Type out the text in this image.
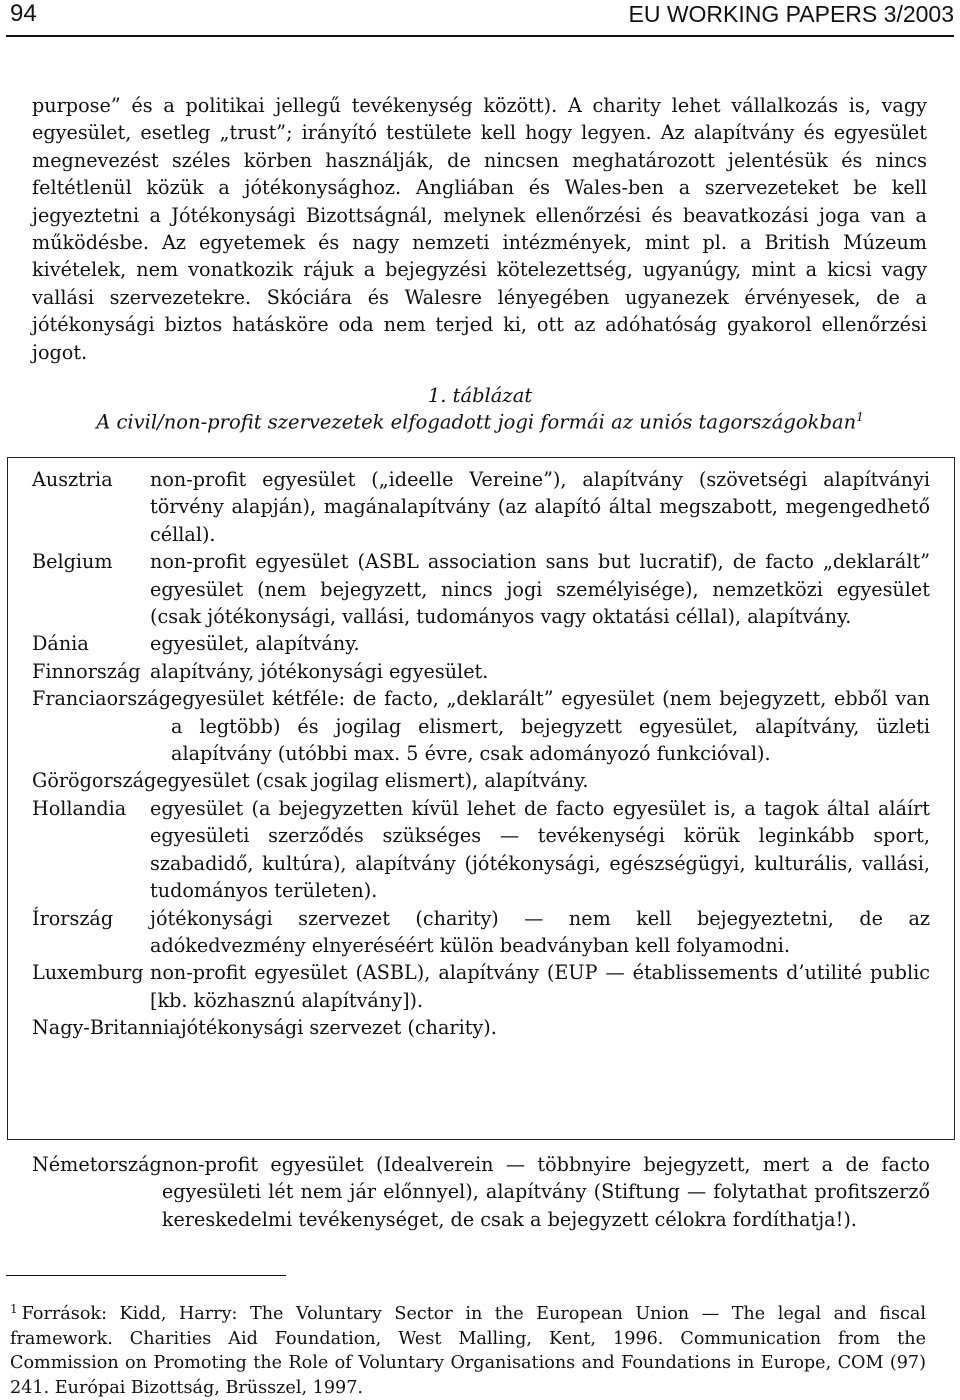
94	EU WORKING PAPERS 3/2003
purpose” és a politikai jellegű tevékenység között). A charity lehet vállalkozás is, vagy egyesület, esetleg „trust”; irányító testülete kell hogy legyen. Az alapítvány és egyesület megnevezést széles körben használják, de nincsen meghatározott jelentésük és nincs feltétlenül közük a jótékonysághoz. Angliában és Wales-ben a szervezeteket be kell jegyeztetni a Jótékonysági Bizottságnál, melynek ellenőrzési és beavatkozási joga van a működésbe. Az egyetemek és nagy nemzeti intézmények, mint pl. a British Múzeum kivételek, nem vonatkozik rájuk a bejegyzési kötelezettség, ugyanúgy, mint a kicsi vagy vallási szervezetekre. Skóciára és Walesre lényegében ugyanezek érvényesek, de a jótékonysági biztos hatásköre oda nem terjed ki, ott az adóhatóság gyakorol ellenőrzési jogot.
1. táblázat
A civil/non-profit szervezetek elfogadott jogi formái az uniós tagországokban$^1$
Ausztria	non-profit egyesület („ideelle Vereine”), alapítvány (szövetségi alapítványi törvény alapján), magánalapítvány (az alapító által megszabott, megengedhető céllal).
Belgium	non-profit egyesület (ASBL association sans but lucratif), de facto „deklarált” egyesület (nem bejegyzett, nincs jogi személyisége), nemzetközi egyesület (csak jótékonysági, vallási, tudományos vagy oktatási céllal), alapítvány.
Dánia	egyesület, alapítvány.
Finnország alapítvány, jótékonysági egyesület.
Franciaország egyesület kétféle: de facto, „deklarált” egyesület (nem bejegyzett, ebből van a legtöbb) és jogilag elismert, bejegyzett egyesület, alapítvány, üzleti alapítvány (utóbbi max. 5 évre, csak adományozó funkcióval).
Görögország egyesület (csak jogilag elismert), alapítvány.
Hollandia	egyesület (a bejegyzetten kívül lehet de facto egyesület is, a tagok által aláírt egyesületi szerződés szükséges — tevékenységi körük leginkább sport, szabadidő, kultúra), alapítvány (jótékonysági, egészségügyi, kulturális, vallási, tudományos területen).
Írország	jótékonysági szervezet (charity) — nem kell bejegyeztetni, de az adókedvezmény elnyeréséért külön beadványban kell folyamodni.
Luxemburg non-profit egyesület (ASBL), alapítvány (EUP — établissements d’utilité public [kb. közhasznú alapítvány]).
Nagy-Britannia jótékonysági szervezet (charity).
Németország non-profit egyesület (Idealverein — többnyire bejegyzett, mert a de facto egyesületi lét nem jár előnnyel), alapítvány (Stiftung — folytathat profitszerző kereskedelmi tevékenységet, de csak a bejegyzett célokra fordíthatja!).
$^1$ Források: Kidd, Harry: The Voluntary Sector in the European Union — The legal and fiscal framework. Charities Aid Foundation, West Malling, Kent, 1996. Communication from the Commission on Promoting the Role of Voluntary Organisations and Foundations in Europe, COM (97) 241. Európai Bizottság, Brüsszel, 1997.
